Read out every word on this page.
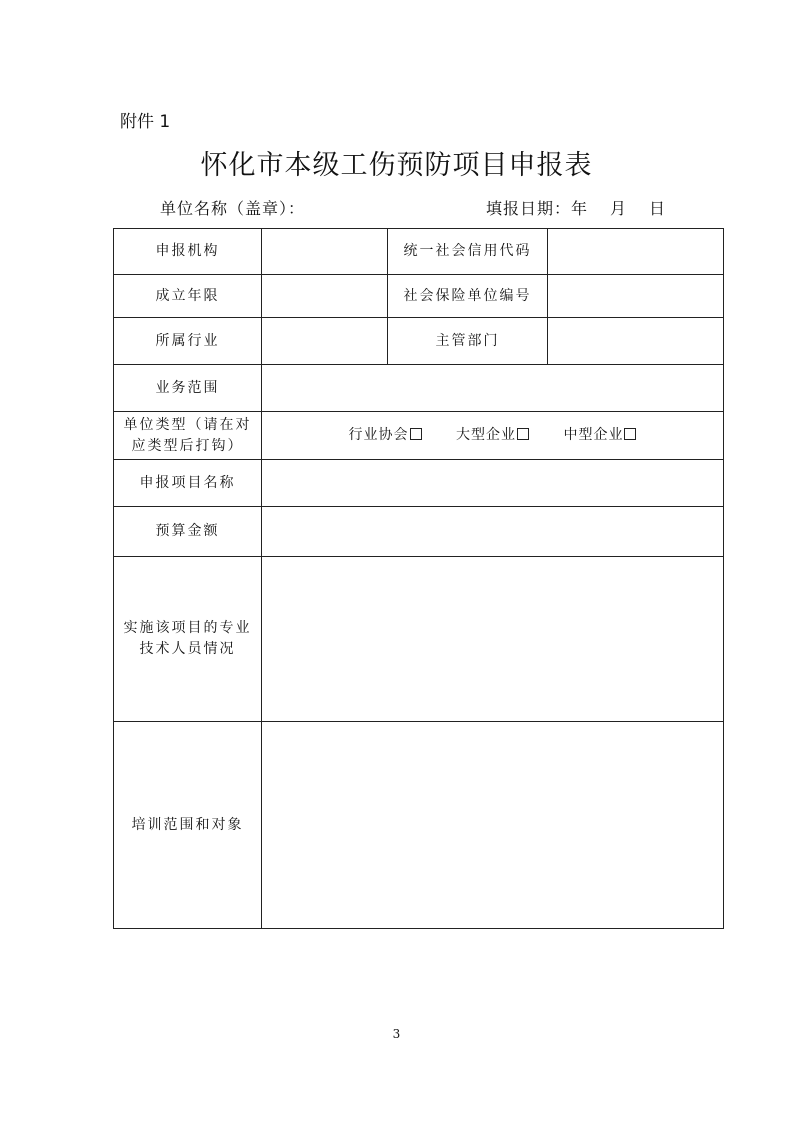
附件 1
怀化市本级工伤预防项目申报表
单位名称（盖章）：	填报日期：年 月 日
申报机构		统一社会信用代码	
成立年限		社会保险单位编号	
所属行业		主管部门	
业务范围			

单位类型（请在对
应类型后打钩）	行业协会 大型企业 中型企业		
申报项目名称			
预算金额			

实施该项目的专业
技术人员情况			

培训范围和对象			
3
